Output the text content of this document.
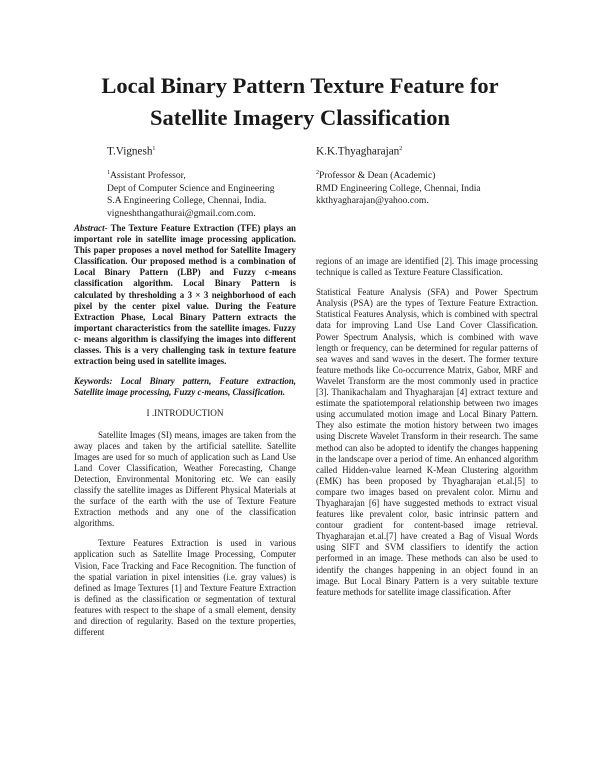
Local Binary Pattern Texture Feature for
Satellite Imagery Classification
T.Vignesh$^1$
$^1$Assistant Professor,
Dept of Computer Science and Engineering
S.A Engineering College, Chennai, India.
vigneshthangathurai@gmail.com.com.
K.K.Thyagharajan$^2$
$^2$Professor & Dean (Academic)
RMD Engineering College, Chennai, India
kkthyagharajan@yahoo.com.

Abstract- The Texture Feature Extraction (TFE) plays an important role in satellite image processing application. This paper proposes a novel method for Satellite Imagery Classification. Our proposed method is a combination of Local Binary Pattern (LBP) and Fuzzy c-means classification algorithm. Local Binary Pattern is calculated by thresholding a 3 × 3 neighborhood of each pixel by the center pixel value. During the Feature Extraction Phase, Local Binary Pattern extracts the important characteristics from the satellite images. Fuzzy c- means algorithm is classifying the images into different classes. This is a very challenging task in texture feature extraction being used in satellite images.

Keywords: Local Binary pattern, Feature extraction, Satellite image processing, Fuzzy c-means, Classification.

I .INTRODUCTION

Satellite Images (SI) means, images are taken from the away places and taken by the artificial satellite. Satellite Images are used for so much of application such as Land Use Land Cover Classification, Weather Forecasting, Change Detection, Environmental Monitoring etc. We can easily classify the satellite images as Different Physical Materials at the surface of the earth with the use of Texture Feature Extraction methods and any one of the classification algorithms.

Texture Features Extraction is used in various application such as Satellite Image Processing, Computer Vision, Face Tracking and Face Recognition. The function of the spatial variation in pixel intensities (i.e. gray values) is defined as Image Textures [1] and Texture Feature Extraction is defined as the classification or segmentation of textural features with respect to the shape of a small element, density and direction of regularity. Based on the texture properties, different

regions of an image are identified [2]. This image processing technique is called as Texture Feature Classification.

Statistical Feature Analysis (SFA) and Power Spectrum Analysis (PSA) are the types of Texture Feature Extraction. Statistical Features Analysis, which is combined with spectral data for improving Land Use Land Cover Classification. Power Spectrum Analysis, which is combined with wave length or frequency, can be determined for regular patterns of sea waves and sand waves in the desert. The former texture feature methods like Co-occurrence Matrix, Gabor, MRF and Wavelet Transform are the most commonly used in practice [3]. Thanikachalam and Thyagharajan [4] extract texture and estimate the spatiotemporal relationship between two images using accumulated motion image and Local Binary Pattern. They also estimate the motion history between two images using Discrete Wavelet Transform in their research. The same method can also be adopted to identify the changes happening in the landscape over a period of time. An enhanced algorithm called Hidden-value learned K-Mean Clustering algorithm (EMK) has been proposed by Thyagharajan et.al.[5] to compare two images based on prevalent color. Mirnu and Thyagharajan [6] have suggested methods to extract visual features like prevalent color, basic intrinsic pattern and contour gradient for content-based image retrieval. Thyagharajan et.al.[7] have created a Bag of Visual Words using SIFT and SVM classifiers to identify the action performed in an image. These methods can also be used to identify the changes happening in an object found in an image. But Local Binary Pattern is a very suitable texture feature methods for satellite image classification. After
